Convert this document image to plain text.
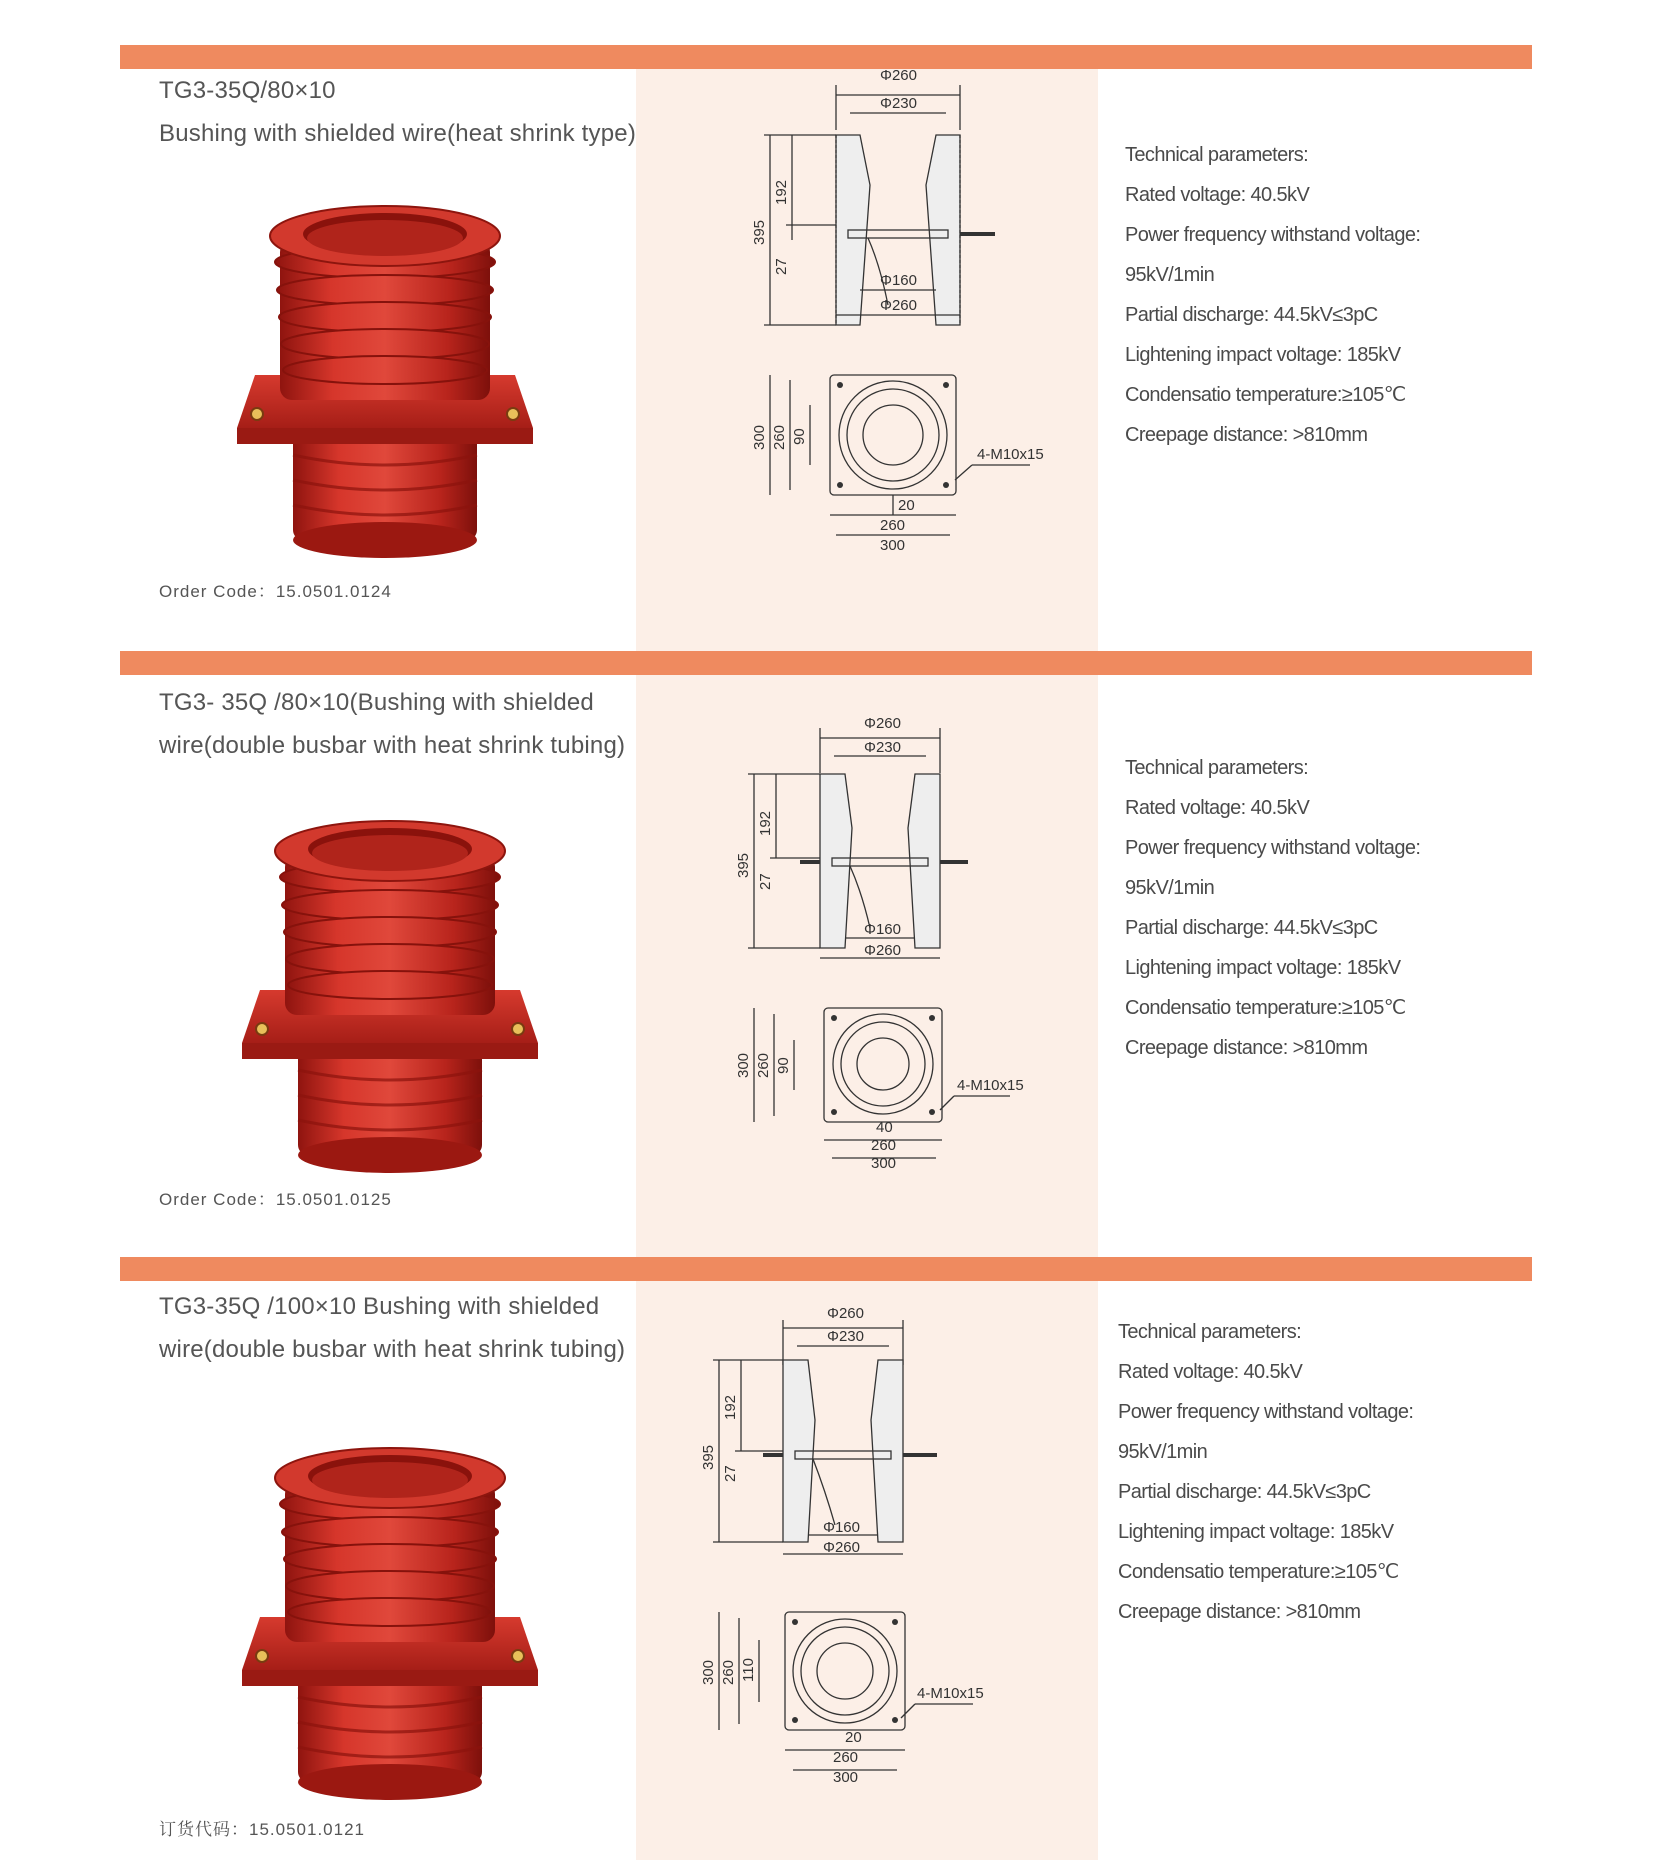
TG3-35Q/80×10
Bushing with shielded wire(heat shrink type)
Order Code：15.0501.0124
Φ260
Φ230
395
192
27
Φ160
Φ260
300 260 90
4-M10x15
20
260
300
Technical parameters:
Rated voltage: 40.5kV
Power frequency withstand voltage:
95kV/1min
Partial discharge: 44.5kV≤3pC
Lightening impact voltage: 185kV
Condensatio temperature:≥105℃
Creepage distance: >810mm
TG3- 35Q /80×10(Bushing with shielded
wire(double busbar with heat shrink tubing)
Order Code：15.0501.0125
Φ260
Φ230
395
192
27
Φ160
Φ260
300 260 90
4-M10x15
40
260
300
Technical parameters:
Rated voltage: 40.5kV
Power frequency withstand voltage:
95kV/1min
Partial discharge: 44.5kV≤3pC
Lightening impact voltage: 185kV
Condensatio temperature:≥105℃
Creepage distance: >810mm
TG3-35Q /100×10 Bushing with shielded
wire(double busbar with heat shrink tubing)
订货代码：15.0501.0121
Φ260
Φ230
395
192
27
Φ160
Φ260
300 260 110
4-M10x15
20
260
300
Technical parameters:
Rated voltage: 40.5kV
Power frequency withstand voltage:
95kV/1min
Partial discharge: 44.5kV≤3pC
Lightening impact voltage: 185kV
Condensatio temperature:≥105℃
Creepage distance: >810mm
